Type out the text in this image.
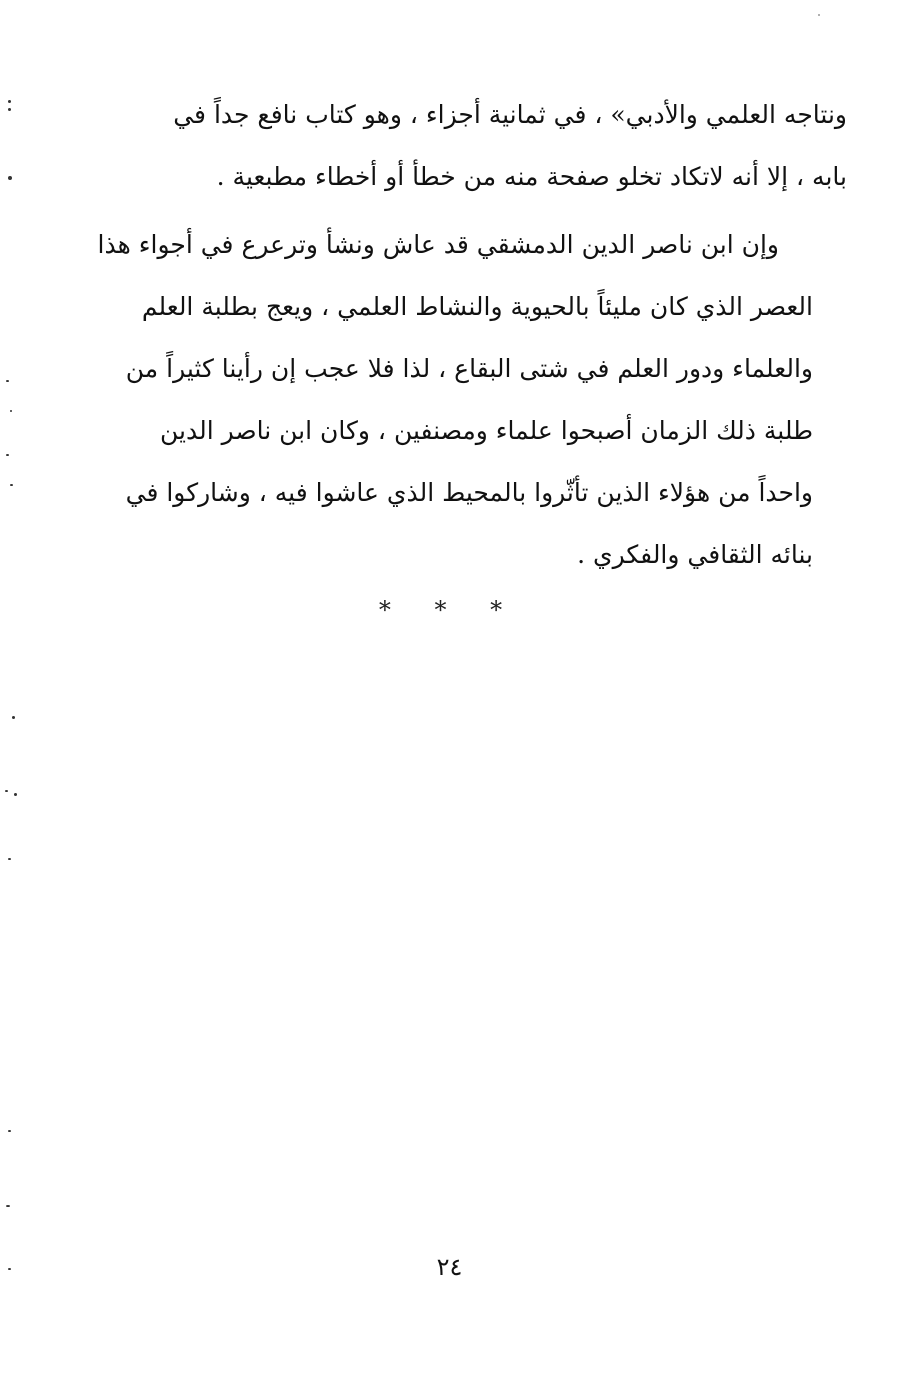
ونتاجه العلمي والأدبي» ، في ثمانية أجزاء ، وهو كتاب نافع جداً في
بابه ، إلا أنه لاتكاد تخلو صفحة منه من خطأ أو أخطاء مطبعية .
وإن ابن ناصر الدين الدمشقي قد عاش ونشأ وترعرع في أجواء هذا
العصر الذي كان مليئاً بالحيوية والنشاط العلمي ، ويعج بطلبة العلم
والعلماء ودور العلم في شتى البقاع ، لذا فلا عجب إن رأينا كثيراً من
طلبة ذلك الزمان أصبحوا علماء ومصنفين ، وكان ابن ناصر الدين
واحداً من هؤلاء الذين تأثّروا بالمحيط الذي عاشوا فيه ، وشاركوا في
بنائه الثقافي والفكري .
* * *
٢٤
